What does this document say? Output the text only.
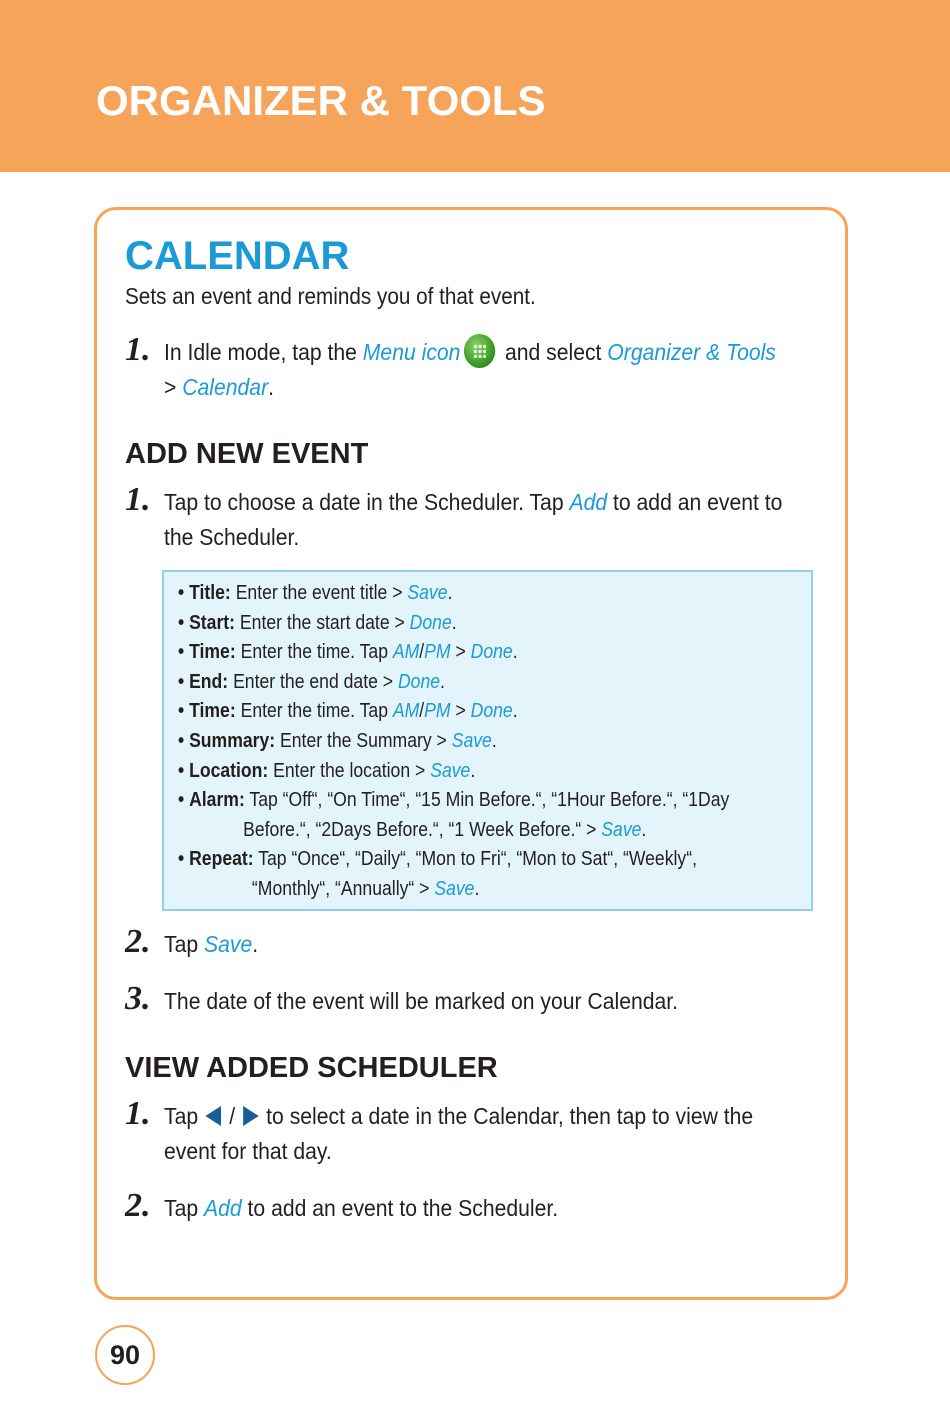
ORGANIZER & TOOLS
CALENDAR

Sets an event and reminds you of that event.

1. In Idle mode, tap the Menu icon and select Organizer & Tools
> Calendar.
ADD NEW EVENT
1. Tap to choose a date in the Scheduler. Tap Add to add an event to
the Scheduler.
• Title: Enter the event title > Save.
• Start: Enter the start date > Done.
• Time: Enter the time. Tap AM/PM > Done.
• End: Enter the end date > Done.
• Time: Enter the time. Tap AM/PM > Done.
• Summary: Enter the Summary > Save.
• Location: Enter the location > Save.
• Alarm: Tap “Off“, “On Time“, “15 Min Before.“, “1Hour Before.“, “1Day
Before.“, “2Days Before.“, “1 Week Before.“ > Save.
• Repeat: Tap “Once“, “Daily“, “Mon to Fri“, “Mon to Sat“, “Weekly“,
“Monthly“, “Annually“ > Save.
2. Tap Save.
3. The date of the event will be marked on your Calendar.
VIEW ADDED SCHEDULER
1. Tap  /  to select a date in the Calendar, then tap to view the
event for that day.
2. Tap Add to add an event to the Scheduler.
90
